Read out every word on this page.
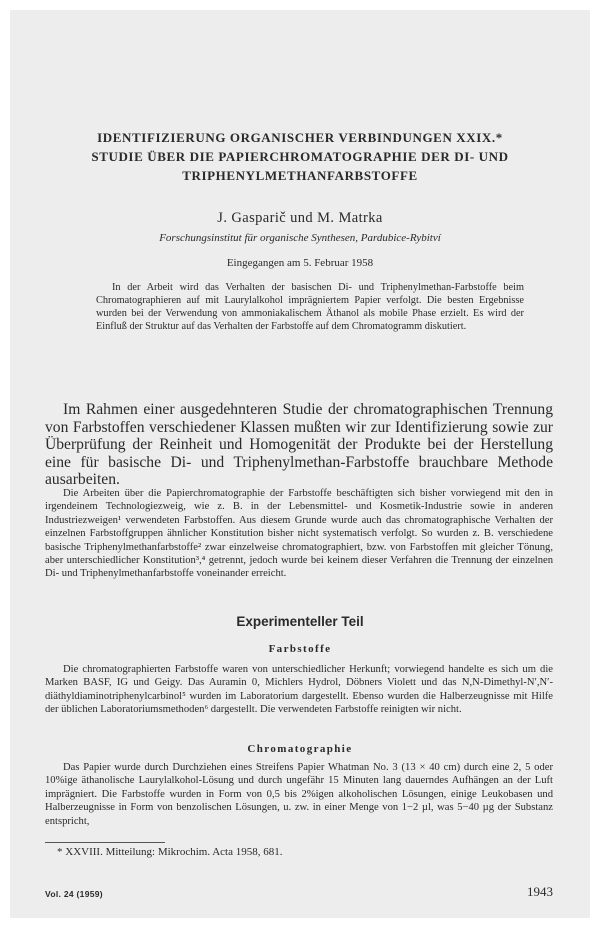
IDENTIFIZIERUNG ORGANISCHER VERBINDUNGEN XXIX.*
STUDIE ÜBER DIE PAPIERCHROMATOGRAPHIE DER DI- UND
TRIPHENYLMETHANFARBSTOFFE
J. Gasparič und M. Matrka
Forschungsinstitut für organische Synthesen, Pardubice-Rybitví
Eingegangen am 5. Februar 1958

In der Arbeit wird das Verhalten der basischen Di- und Triphenylmethan-Farbstoffe beim Chromatographieren auf mit Laurylalkohol imprägniertem Papier verfolgt. Die besten Ergebnisse wurden bei der Verwendung von ammoniakalischem Äthanol als mobile Phase erzielt. Es wird der Einfluß der Struktur auf das Verhalten der Farbstoffe auf dem Chromatogramm diskutiert.

Im Rahmen einer ausgedehnteren Studie der chromatographischen Trennung von Farbstoffen verschiedener Klassen mußten wir zur Identifizierung sowie zur Überprüfung der Reinheit und Homogenität der Produkte bei der Herstellung eine für basische Di- und Triphenylmethan-Farbstoffe brauchbare Methode ausarbeiten.

Die Arbeiten über die Papierchromatographie der Farbstoffe beschäftigten sich bisher vorwiegend mit den in irgendeinem Technologiezweig, wie z. B. in der Lebensmittel- und Kosmetik-Industrie sowie in anderen Industriezweigen¹ verwendeten Farbstoffen. Aus diesem Grunde wurde auch das chromatographische Verhalten der einzelnen Farbstoffgruppen ähnlicher Konstitution bisher nicht systematisch verfolgt. So wurden z. B. verschiedene basische Triphenylmethanfarbstoffe² zwar einzelweise chromatographiert, bzw. von Farbstoffen mit gleicher Tönung, aber unterschiedlicher Konstitution³,⁴ getrennt, jedoch wurde bei keinem dieser Verfahren die Trennung der einzelnen Di- und Triphenylmethanfarbstoffe voneinander erreicht.

Experimenteller Teil
Farbstoffe

Die chromatographierten Farbstoffe waren von unterschiedlicher Herkunft; vorwiegend handelte es sich um die Marken BASF, IG und Geigy. Das Auramin 0, Michlers Hydrol, Döbners Violett und das N,N-Dimethyl-N′,N′-diäthyldiaminotriphenylcarbinol⁵ wurden im Laboratorium dargestellt. Ebenso wurden die Halberzeugnisse mit Hilfe der üblichen Laboratoriumsmethoden⁶ dargestellt. Die verwendeten Farbstoffe reinigten wir nicht.

Chromatographie

Das Papier wurde durch Durchziehen eines Streifens Papier Whatman No. 3 (13 × 40 cm) durch eine 2, 5 oder 10%ige äthanolische Laurylalkohol-Lösung und durch ungefähr 15 Minuten lang dauerndes Aufhängen an der Luft imprägniert. Die Farbstoffe wurden in Form von 0,5 bis 2%igen alkoholischen Lösungen, einige Leukobasen und Halberzeugnisse in Form von benzolischen Lösungen, u. zw. in einer Menge von 1−2 µl, was 5−40 µg der Substanz entspricht,

* XXVIII. Mitteilung: Mikrochim. Acta 1958, 681.

Vol. 24 (1959)	1943
